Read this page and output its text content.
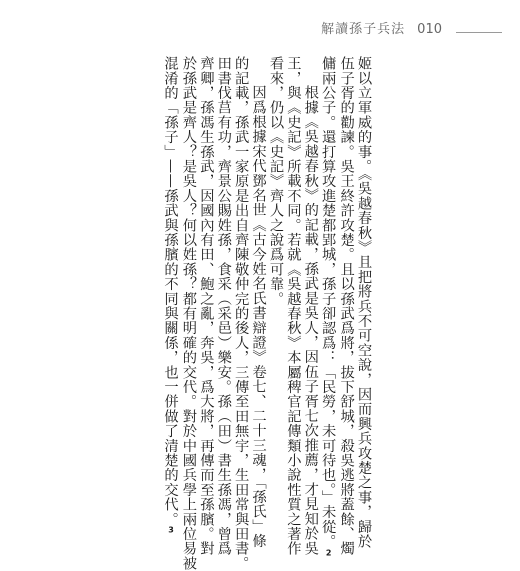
解讀孫子兵法 010
姬以立軍威的事。《吳越春秋》且把將兵不可空說，因而興兵攻楚之事，歸於
伍子胥的勸諫。吳王終許攻楚。且以孫武爲將，拔下舒城，殺吳逃將蓋餘、燭
傭兩公子。還打算攻進楚都郢城，孫子卻認爲：「民勞，未可待也。」未從。2
根據《吳越春秋》的記載，孫武是吳人，因伍子胥七次推薦，才見知於吳
王，與《史記》所載不同。若就《吳越春秋》本屬稗官記傳類小說性質之著作
看來，仍以《史記》齊人之說爲可靠。
因爲根據宋代鄧名世《古今姓名氏書辯證》卷七、二十三魂，「孫氏」條
的記載，孫武一家原是出自齊陳敬仲完的後人，三傳至田無宇，生田常與田書。
田書伐莒有功，齊景公賜姓孫，食采（采邑）樂安。孫（田）書生孫馮，曾爲
齊卿，孫馮生孫武，因國內有田、鮑之亂，奔吳，爲大將，再傳而至孫臏。對
於孫武是齊人？是吳人？何以姓孫？都有明確的交代。對於中國兵學上兩位易被
混淆的「孫子」——孫武與孫臏的不同與關係，也一併做了清楚的交代。3
